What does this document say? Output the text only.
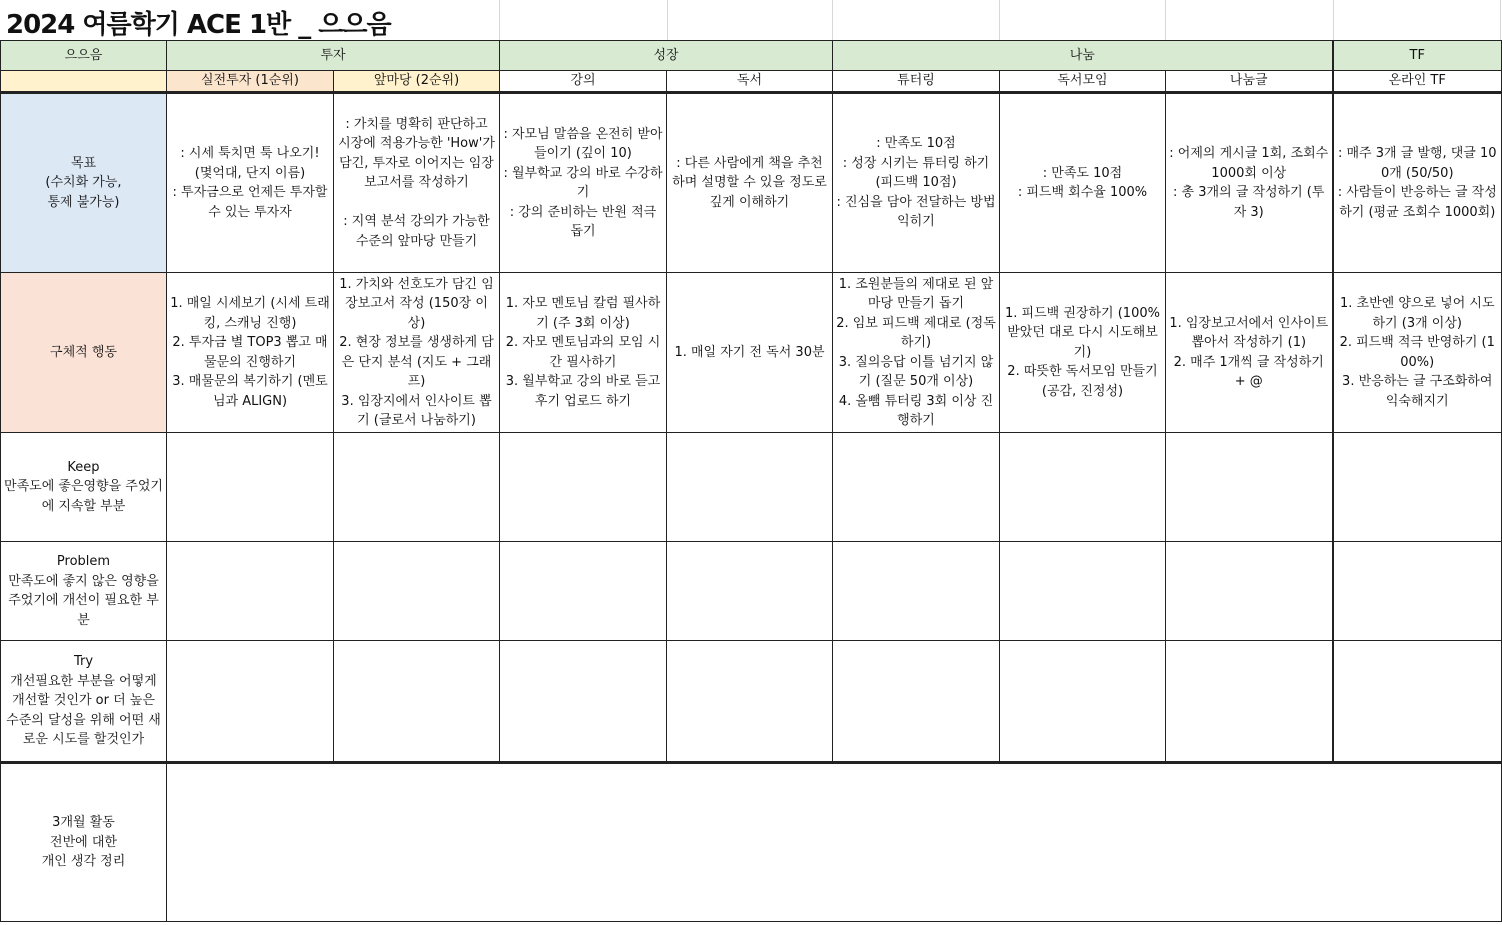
2024 여름학기 ACE 1반 _ 으으음
으으음	투자		성장		나눔			TF
	실전투자 (1순위)	앞마당 (2순위)	강의	독서	튜터링	독서모임	나눔글	온라인 TF
목표
(수치화 가능,
통제 불가능)	: 시세 툭치면 툭 나오기!
(몇억대, 단지 이름)
: 투자금으로 언제든 투자할 수 있는 투자자	: 가치를 명확히 판단하고 시장에 적용가능한 'How'가 담긴, 투자로 이어지는 임장보고서를 작성하기

: 지역 분석 강의가 가능한 수준의 앞마당 만들기	: 자모님 말씀을 온전히 받아들이기 (깊이 10)
: 월부학교 강의 바로 수강하기
: 강의 준비하는 반원 적극 돕기	: 다른 사람에게 책을 추천하며 설명할 수 있을 정도로 깊게 이해하기	: 만족도 10점
: 성장 시키는 튜터링 하기 (피드백 10점)
: 진심을 담아 전달하는 방법 익히기	: 만족도 10점
: 피드백 회수율 100%	: 어제의 게시글 1회, 조회수 1000회 이상
: 총 3개의 글 작성하기 (투자 3)	: 매주 3개 글 발행, 댓글 100개 (50/50)
: 사람들이 반응하는 글 작성하기 (평균 조회수 1000회)
구체적 행동	1. 매일 시세보기 (시세 트래킹, 스캐닝 진행)
2. 투자금 별 TOP3 뽑고 매물문의 진행하기
3. 매물문의 복기하기 (멘토님과 ALIGN)	1. 가치와 선호도가 담긴 임장보고서 작성 (150장 이상)
2. 현장 정보를 생생하게 담은 단지 분석 (지도 + 그래프)
3. 임장지에서 인사이트 뽑기 (글로서 나눔하기)	1. 자모 멘토님 칼럼 필사하기 (주 3회 이상)
2. 자모 멘토님과의 모임 시간 필사하기
3. 월부학교 강의 바로 듣고 후기 업로드 하기	1. 매일 자기 전 독서 30분	1. 조원분들의 제대로 된 앞마당 만들기 돕기
2. 임보 피드백 제대로 (정독하기)
3. 질의응답 이틀 넘기지 않기 (질문 50개 이상)
4. 올뺌 튜터링 3회 이상 진행하기	1. 피드백 권장하기 (100% 받았던 대로 다시 시도해보기)
2. 따뜻한 독서모임 만들기 (공감, 진정성)	1. 임장보고서에서 인사이트 뽑아서 작성하기 (1)
2. 매주 1개씩 글 작성하기 + @	1. 초반엔 양으로 넣어 시도하기 (3개 이상)
2. 피드백 적극 반영하기 (100%)
3. 반응하는 글 구조화하여 익숙해지기
Keep
만족도에 좋은영향을 주었기에 지속할 부분								
Problem
만족도에 좋지 않은 영향을 주었기에 개선이 필요한 부분								
Try
개선필요한 부분을 어떻게 개선할 것인가 or 더 높은 수준의 달성을 위해 어떤 새로운 시도를 할것인가								
3개월 활동
전반에 대한
개인 생각 정리								
